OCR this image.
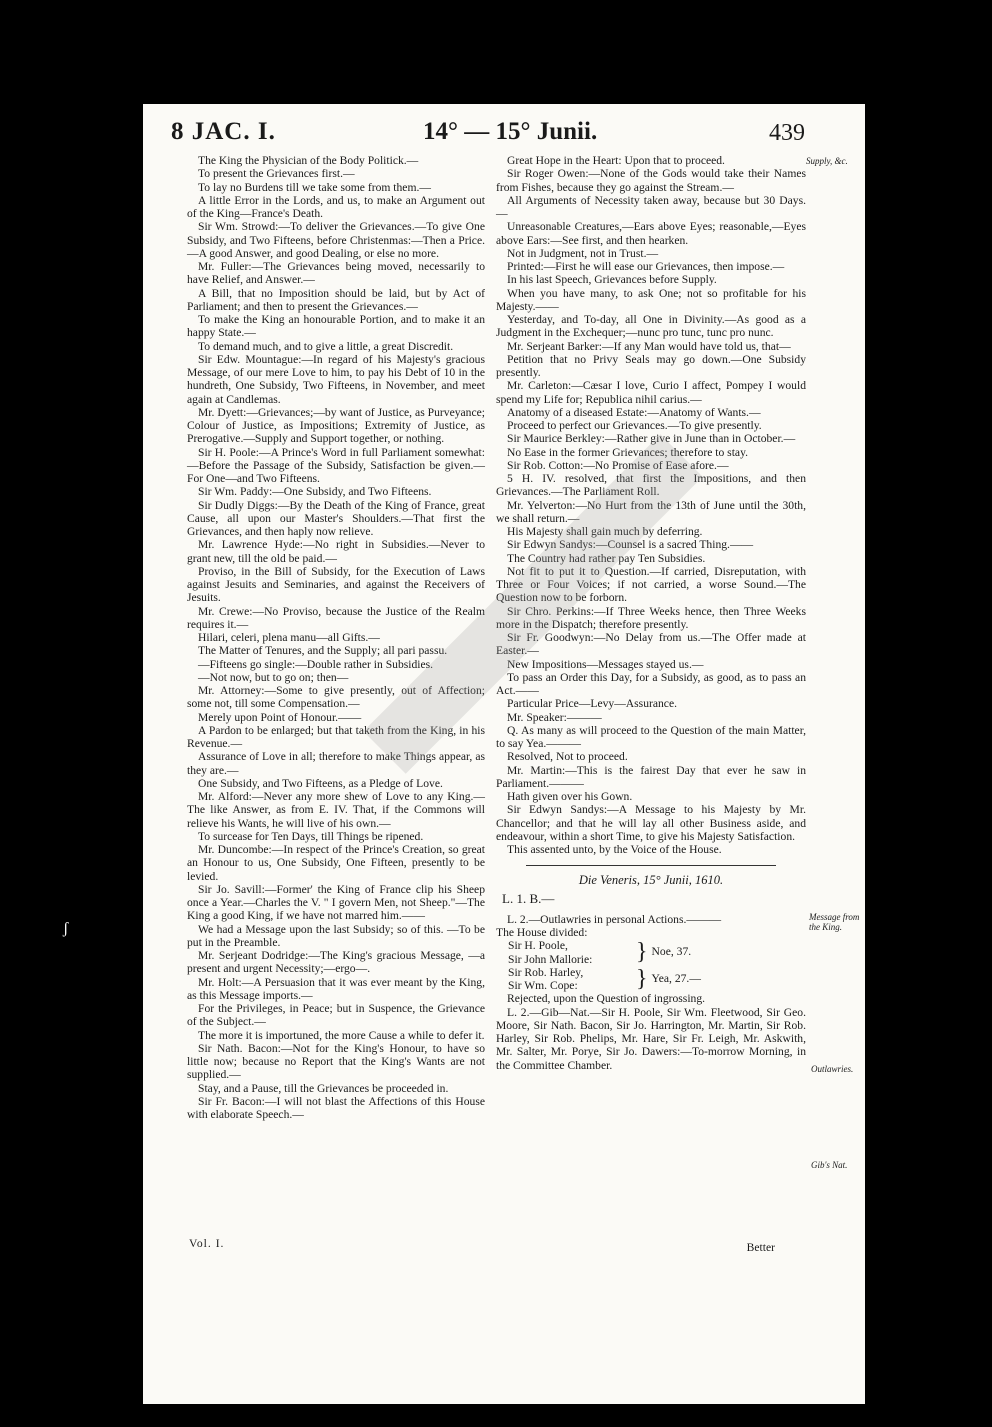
8 JAC. I.	14° — 15° Junii.	439

The King the Physician of the Body Politick.—

To present the Grievances first.—

To lay no Burdens till we take some from them.—

A little Error in the Lords, and us, to make an Argument out of the King—France's Death.

Sir Wm. Strowd:—To deliver the Grievances.—To give One Subsidy, and Two Fifteens, before Christenmas:—Then a Price.—A good Answer, and good Dealing, or else no more.

Mr. Fuller:—The Grievances being moved, necessarily to have Relief, and Answer.—

A Bill, that no Imposition should be laid, but by Act of Parliament; and then to present the Grievances.—

To make the King an honourable Portion, and to make it an happy State.—

To demand much, and to give a little, a great Discredit.

Sir Edw. Mountague:—In regard of his Majesty's gracious Message, of our mere Love to him, to pay his Debt of 10 in the hundreth, One Subsidy, Two Fifteens, in November, and meet again at Candlemas.

Mr. Dyett:—Grievances;—by want of Justice, as Purveyance; Colour of Justice, as Impositions; Extremity of Justice, as Prerogative.—Supply and Support together, or nothing.

Sir H. Poole:—A Prince's Word in full Parliament somewhat:—Before the Passage of the Subsidy, Satisfaction be given.—For One—and Two Fifteens.

Sir Wm. Paddy:—One Subsidy, and Two Fifteens.

Sir Dudly Diggs:—By the Death of the King of France, great Cause, all upon our Master's Shoulders.—That first the Grievances, and then haply now relieve.

Mr. Lawrence Hyde:—No right in Subsidies.—Never to grant new, till the old be paid.—

Proviso, in the Bill of Subsidy, for the Execution of Laws against Jesuits and Seminaries, and against the Receivers of Jesuits.

Mr. Crewe:—No Proviso, because the Justice of the Realm requires it.—

Hilari, celeri, plena manu—all Gifts.—

The Matter of Tenures, and the Supply; all pari passu.

—Fifteens go single:—Double rather in Subsidies.

—Not now, but to go on; then—

Mr. Attorney:—Some to give presently, out of Affection; some not, till some Compensation.—

Merely upon Point of Honour.——

A Pardon to be enlarged; but that taketh from the King, in his Revenue.—

Assurance of Love in all; therefore to make Things appear, as they are.—

One Subsidy, and Two Fifteens, as a Pledge of Love.

Mr. Alford:—Never any more shew of Love to any King.—The like Answer, as from E. IV. That, if the Commons will relieve his Wants, he will live of his own.—

To surcease for Ten Days, till Things be ripened.

Mr. Duncombe:—In respect of the Prince's Creation, so great an Honour to us, One Subsidy, One Fifteen, presently to be levied.

Sir Jo. Savill:—Former' the King of France clip his Sheep once a Year.—Charles the V. " I govern Men, not Sheep."—The King a good King, if we have not marred him.——

We had a Message upon the last Subsidy; so of this. —To be put in the Preamble.

Mr. Serjeant Dodridge:—The King's gracious Message, —a present and urgent Necessity;—ergo—.

Mr. Holt:—A Persuasion that it was ever meant by the King, as this Message imports.—

For the Privileges, in Peace; but in Suspence, the Grievance of the Subject.—

The more it is importuned, the more Cause a while to defer it.

Sir Nath. Bacon:—Not for the King's Honour, to have so little now; because no Report that the King's Wants are not supplied.—

Stay, and a Pause, till the Grievances be proceeded in.

Sir Fr. Bacon:—I will not blast the Affections of this House with elaborate Speech.—

Great Hope in the Heart: Upon that to proceed.

Sir Roger Owen:—None of the Gods would take their Names from Fishes, because they go against the Stream.—

All Arguments of Necessity taken away, because but 30 Days.—

Unreasonable Creatures,—Ears above Eyes; reasonable,—Eyes above Ears:—See first, and then hearken.

Not in Judgment, not in Trust.—

Printed:—First he will ease our Grievances, then impose.—

In his last Speech, Grievances before Supply.

When you have many, to ask One; not so profitable for his Majesty.——

Yesterday, and To-day, all One in Divinity.—As good as a Judgment in the Exchequer;—nunc pro tunc, tunc pro nunc.

Mr. Serjeant Barker:—If any Man would have told us, that—

Petition that no Privy Seals may go down.—One Subsidy presently.

Mr. Carleton:—Cæsar I love, Curio I affect, Pompey I would spend my Life for; Republica nihil carius.—

Anatomy of a diseased Estate:—Anatomy of Wants.—

Proceed to perfect our Grievances.—To give presently.

Sir Maurice Berkley:—Rather give in June than in October.—

No Ease in the former Grievances; therefore to stay.

Sir Rob. Cotton:—No Promise of Ease afore.—

5 H. IV. resolved, that first the Impositions, and then Grievances.—The Parliament Roll.

Mr. Yelverton:—No Hurt from the 13th of June until the 30th, we shall return.—

His Majesty shall gain much by deferring.

Sir Edwyn Sandys:—Counsel is a sacred Thing.——

The Country had rather pay Ten Subsidies.

Not fit to put it to Question.—If carried, Disreputation, with Three or Four Voices; if not carried, a worse Sound.—The Question now to be forborn.

Sir Chro. Perkins:—If Three Weeks hence, then Three Weeks more in the Dispatch; therefore presently.

Sir Fr. Goodwyn:—No Delay from us.—The Offer made at Easter.—

New Impositions—Messages stayed us.—

To pass an Order this Day, for a Subsidy, as good, as to pass an Act.——

Particular Price—Levy—Assurance.

Mr. Speaker:———

Q. As many as will proceed to the Question of the main Matter, to say Yea.———

Resolved, Not to proceed.

Mr. Martin:—This is the fairest Day that ever he saw in Parliament.———

Hath given over his Gown.

Sir Edwyn Sandys:—A Message to his Majesty by Mr. Chancellor; and that he will lay all other Business aside, and endeavour, within a short Time, to give his Majesty Satisfaction.

This assented unto, by the Voice of the House.

Die Veneris, 15° Junii, 1610.
L. 1. B.—

L. 2.—Outlawries in personal Actions.———

The House divided:

Sir H. Poole,
Sir John Mallorie:	} Noe, 37.
Sir Rob. Harley,
Sir Wm. Cope:	} Yea, 27.—

Rejected, upon the Question of ingrossing.

L. 2.—Gib—Nat.—Sir H. Poole, Sir Wm. Fleetwood, Sir Geo. Moore, Sir Nath. Bacon, Sir Jo. Harrington, Mr. Martin, Sir Rob. Harley, Sir Rob. Phelips, Mr. Hare, Sir Fr. Leigh, Mr. Askwith, Mr. Salter, Mr. Porye, Sir Jo. Dawers:—To-morrow Morning, in the Committee Chamber.

Supply, &c.
Message from the King.
Outlawries.
Gib's Nat.
Vol. I.	Better
ʃ
